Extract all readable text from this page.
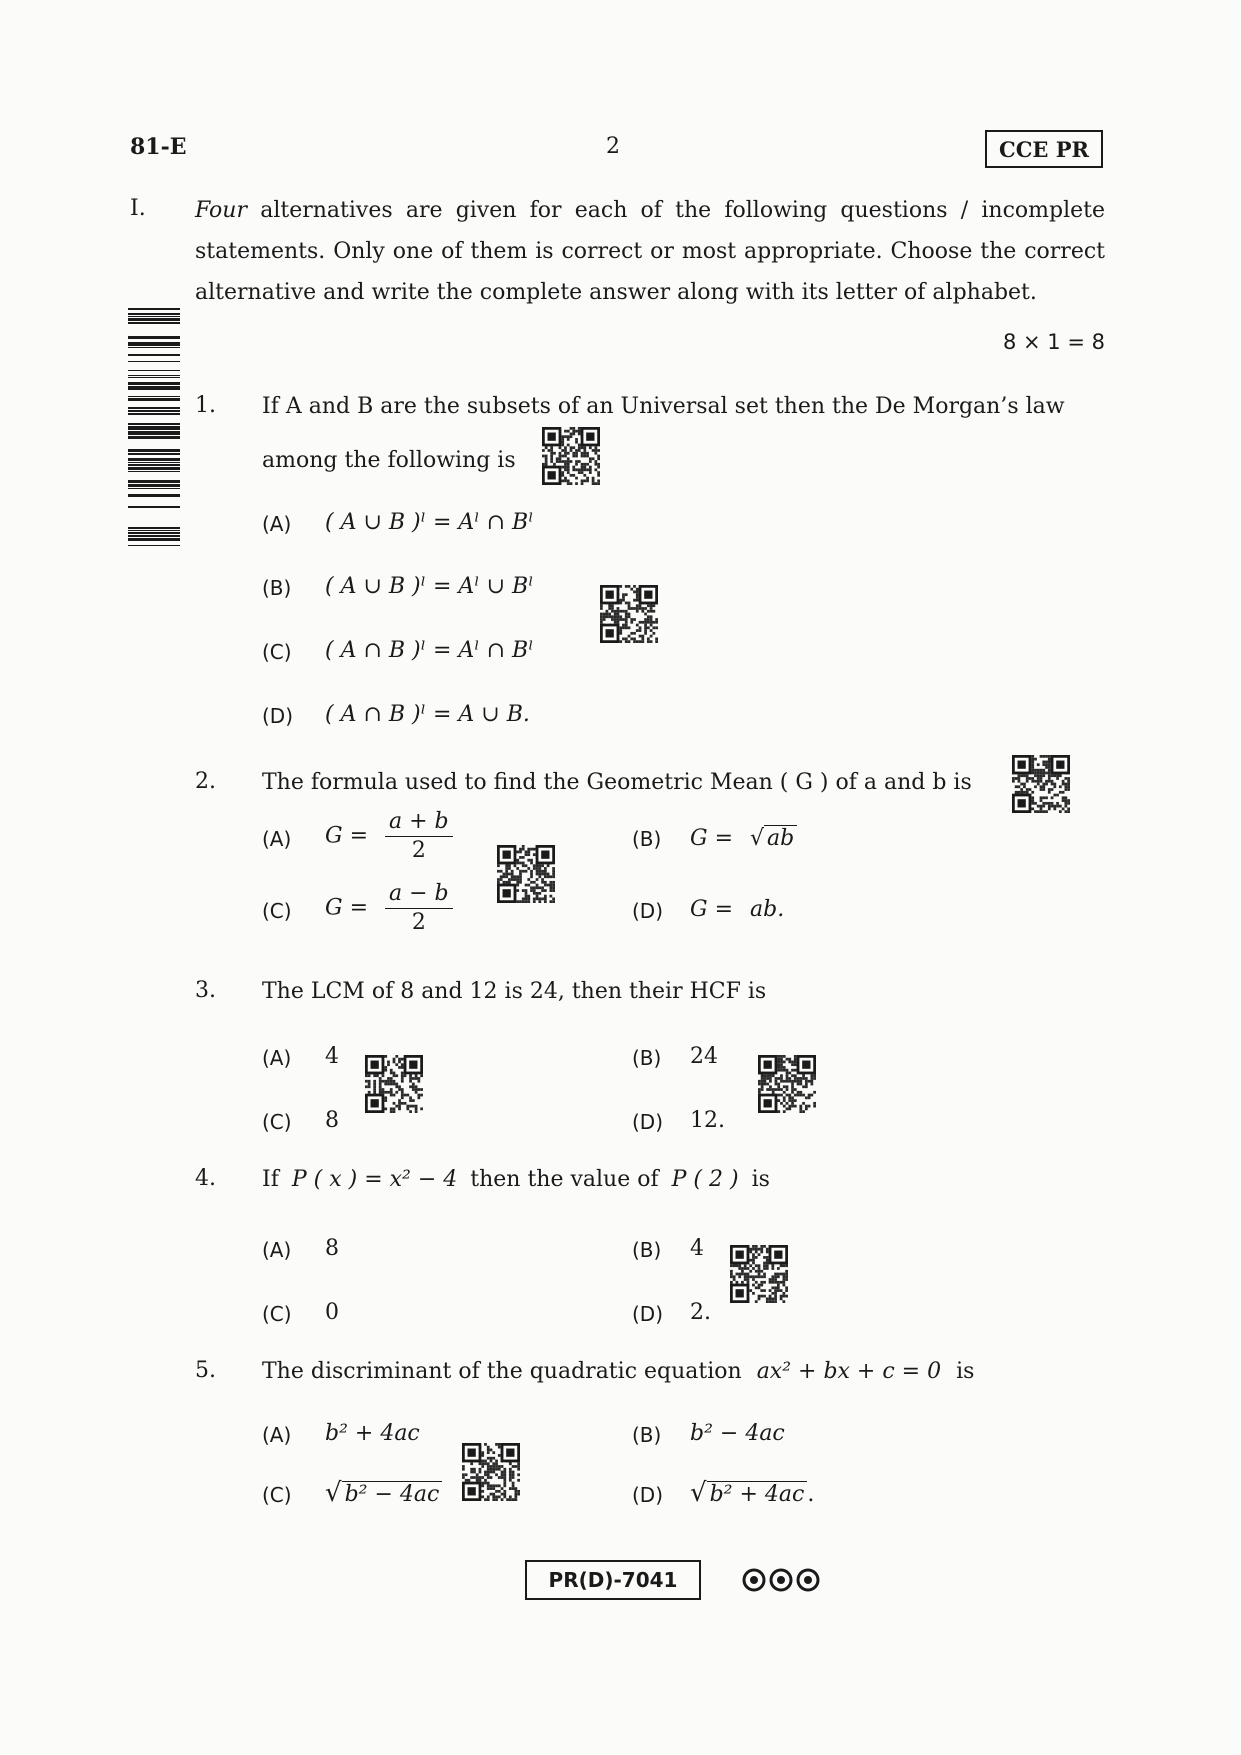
81-E	2	CCE PR
I. Four alternatives are given for each of the following questions / incomplete statements. Only one of them is correct or most appropriate. Choose the correct alternative and write the complete answer along with its letter of alphabet.
8 × 1 = 8
1. If A and B are the subsets of an Universal set then the De Morgan’s law among the following is
(A) ( A ∪ B )ˡ = Aˡ ∩ Bˡ
(B) ( A ∪ B )ˡ = Aˡ ∪ Bˡ
(C) ( A ∩ B )ˡ = Aˡ ∩ Bˡ
(D) ( A ∩ B )ˡ = A ∪ B.
2. The formula used to find the Geometric Mean ( G ) of a and b is
(A) $G = \frac{a + b}{2}$	(B) G = √ ab
(C) $G = \frac{a - b}{2}$	(D) G = ab.
3. The LCM of 8 and 12 is 24, then their HCF is
(A) 4	(B) 24
(C) 8	(D) 12.
4. If P ( x ) = x² − 4 then the value of P ( 2 ) is
(A) 8	(B) 4
(C) 0	(D) 2.
5. The discriminant of the quadratic equation ax² + bx + c = 0 is
(A) b² + 4ac	(B) b² − 4ac
(C) √ b² − 4ac	(D) √ b² + 4ac .
PR(D)-7041
